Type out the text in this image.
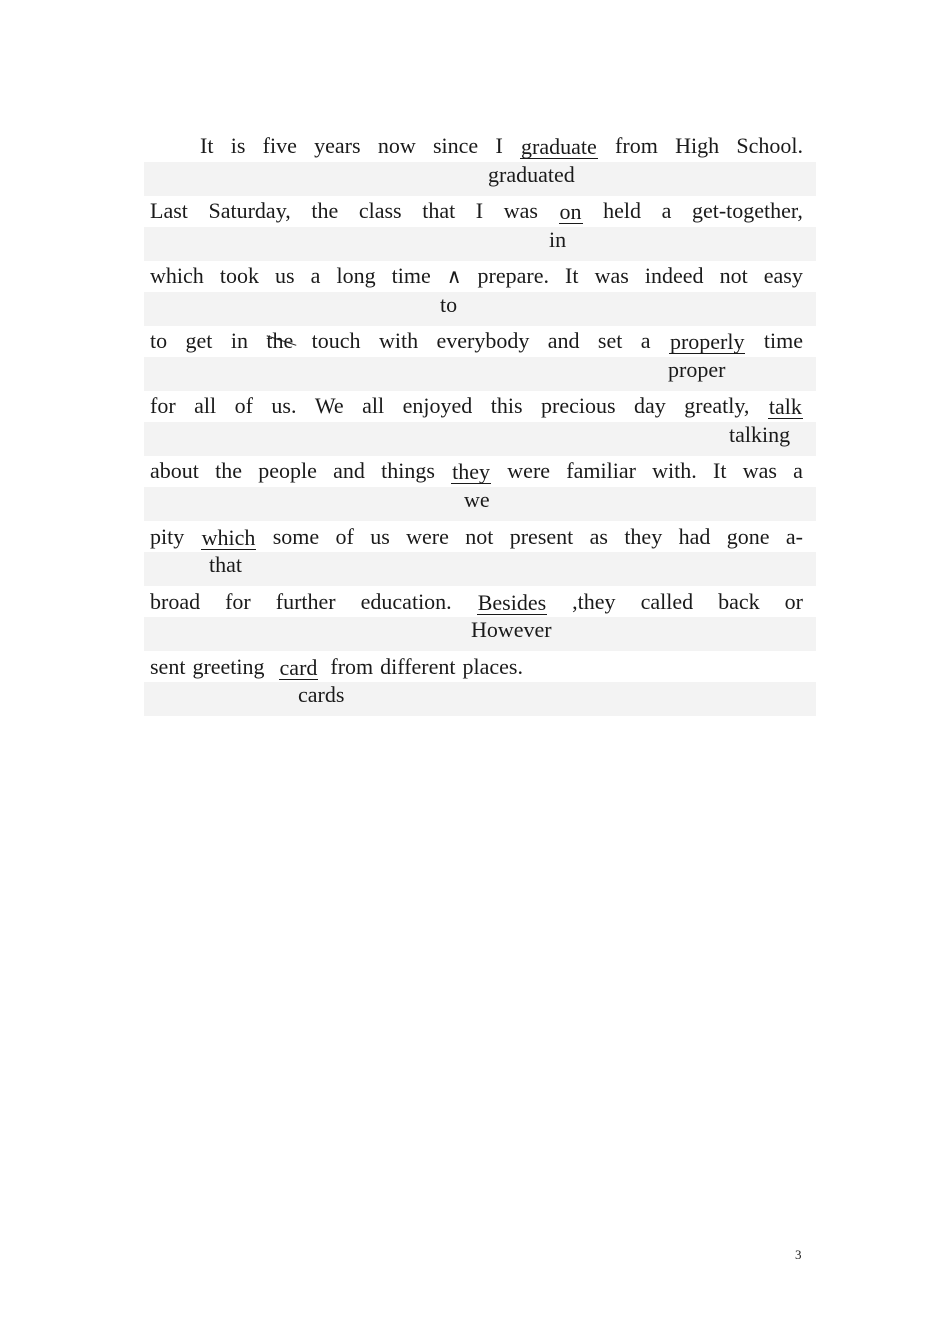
It is five years now since I graduate from High School.
graduated
Last Saturday, the class that I was on held a get-together,
in
which took us a long time ∧ prepare. It was indeed not easy
to
to get in the touch with everybody and set a properly time
proper
for all of us. We all enjoyed this precious day greatly, talk
talking
about the people and things they were familiar with. It was a
we
pity which some of us were not present as they had gone a-
that
broad for further education. Besides ,they called back or
However
sent greeting card from different places.
cards
3
